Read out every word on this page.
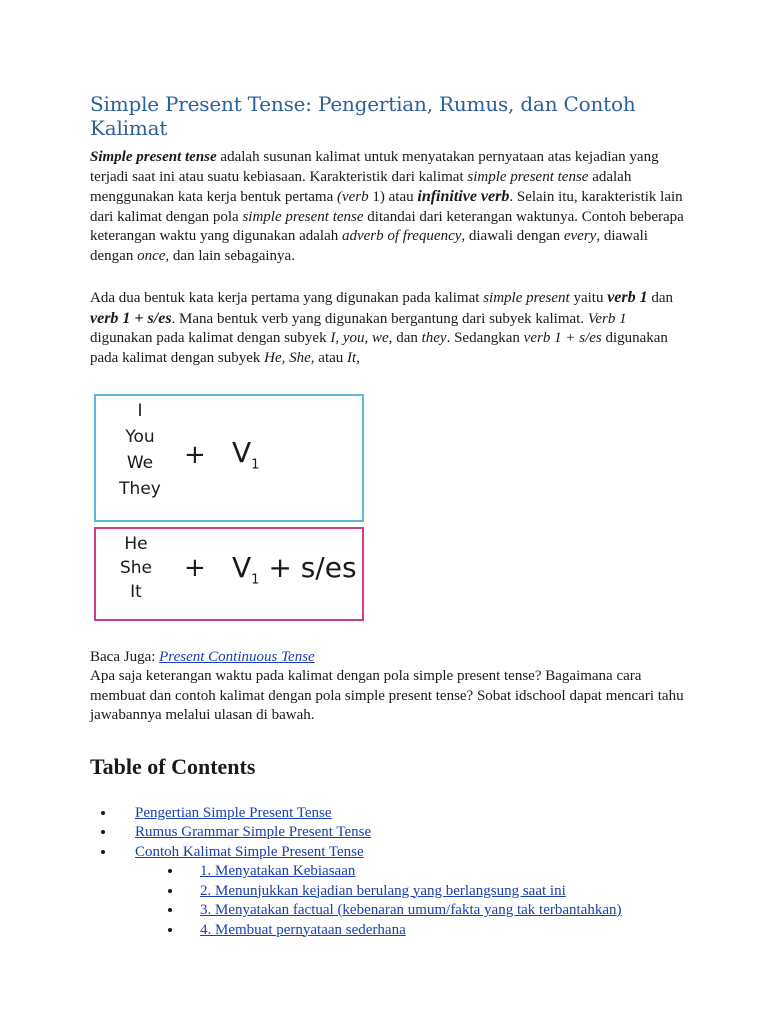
Simple Present Tense: Pengertian, Rumus, dan Contoh Kalimat

Simple present tense adalah susunan kalimat untuk menyatakan pernyataan atas kejadian yang terjadi saat ini atau suatu kebiasaan. Karakteristik dari kalimat simple present tense adalah menggunakan kata kerja bentuk pertama (verb 1) atau infinitive verb. Selain itu, karakteristik lain dari kalimat dengan pola simple present tense ditandai dari keterangan waktunya. Contoh beberapa keterangan waktu yang digunakan adalah adverb of frequency, diawali dengan every, diawali dengan once, dan lain sebagainya.

Ada dua bentuk kata kerja pertama yang digunakan pada kalimat simple present yaitu verb 1 dan verb 1 + s/es. Mana bentuk verb yang digunakan bergantung dari subyek kalimat. Verb 1 digunakan pada kalimat dengan subyek I, you, we, dan they. Sedangkan verb 1 + s/es digunakan pada kalimat dengan subyek He, She, atau It,

I
You
We
They
+ $V_1$
He
She
It
+ $V_1 + s/es$
Baca Juga: Present Continuous Tense

Apa saja keterangan waktu pada kalimat dengan pola simple present tense? Bagaimana cara membuat dan contoh kalimat dengan pola simple present tense? Sobat idschool dapat mencari tahu jawabannya melalui ulasan di bawah.

Table of Contents
• Pengertian Simple Present Tense
• Rumus Grammar Simple Present Tense
• Contoh Kalimat Simple Present Tense
• 1. Menyatakan Kebiasaan
• 2. Menunjukkan kejadian berulang yang berlangsung saat ini
• 3. Menyatakan factual (kebenaran umum/fakta yang tak terbantahkan)
• 4. Membuat pernyataan sederhana
